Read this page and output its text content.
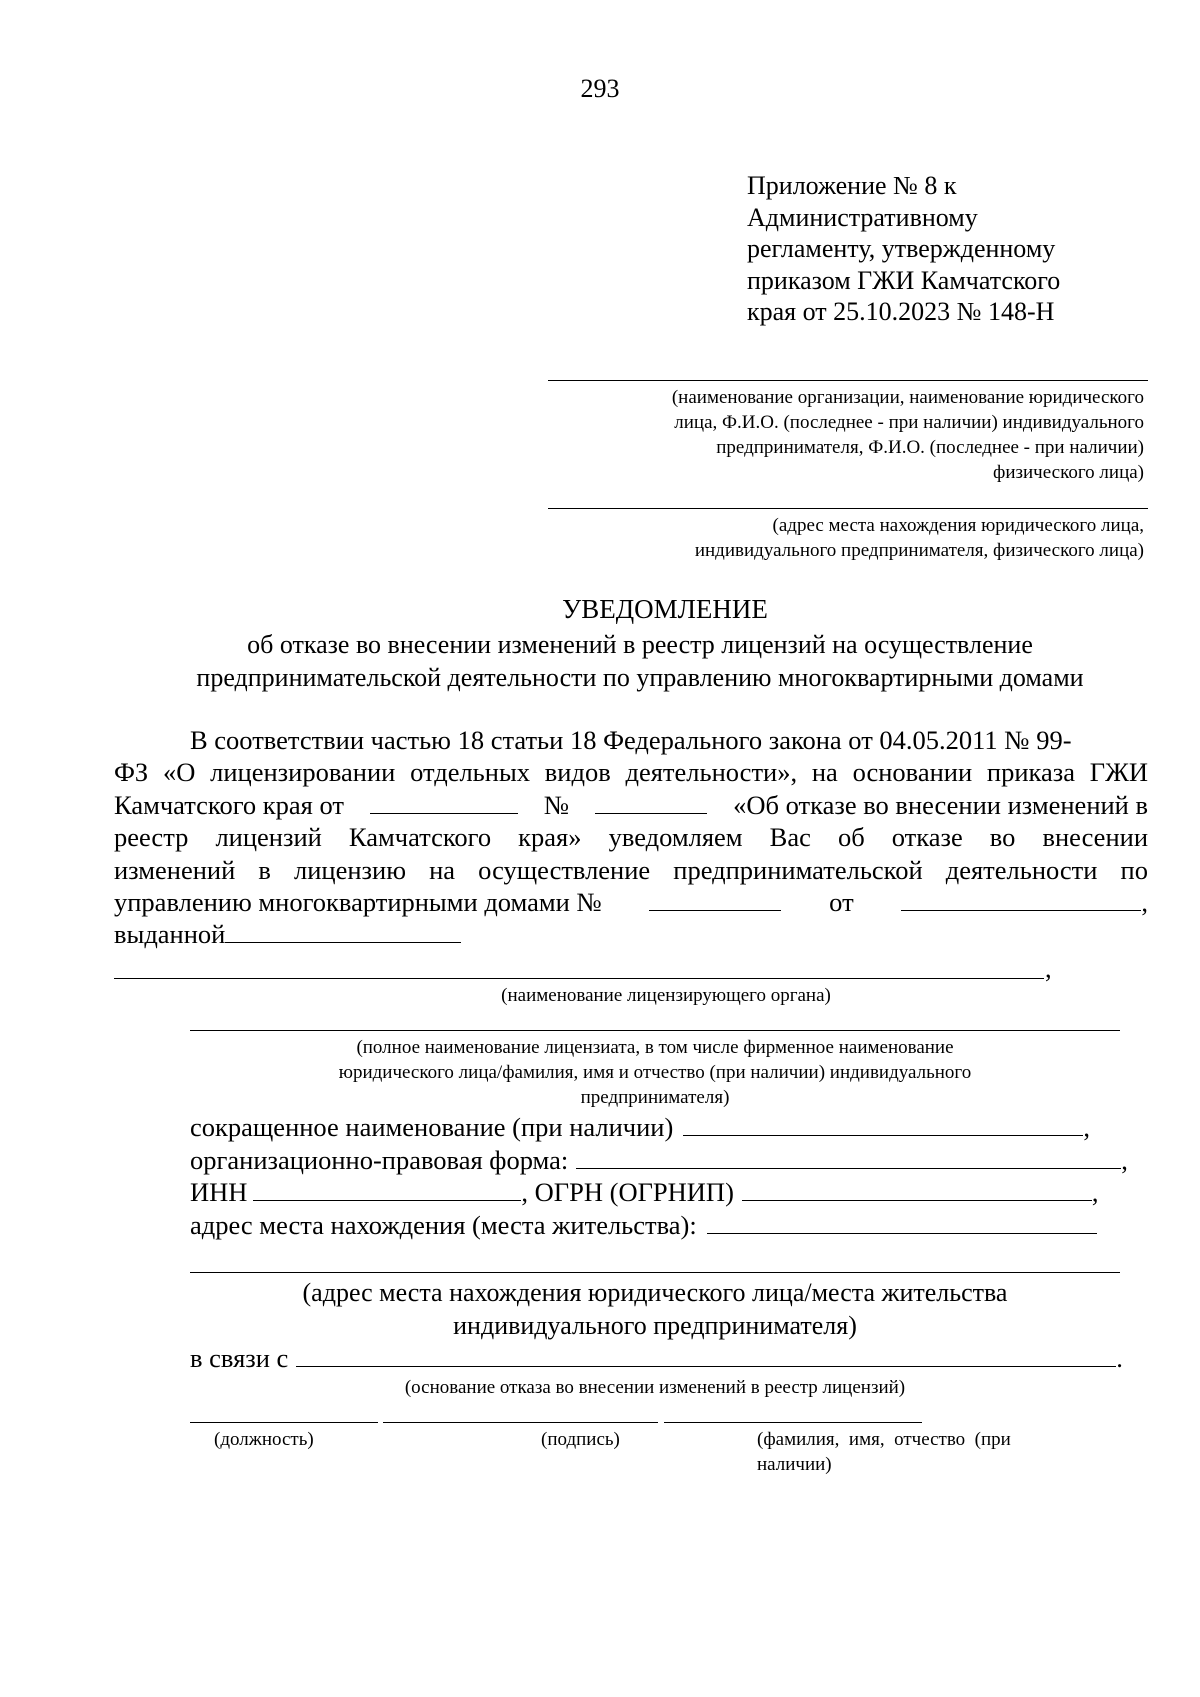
293
Приложение № 8 к
Административному
регламенту, утвержденному
приказом ГЖИ Камчатского
края от 25.10.2023 № 148-Н
(наименование организации, наименование юридического
лица, Ф.И.О. (последнее - при наличии) индивидуального
предпринимателя, Ф.И.О. (последнее - при наличии)
физического лица)
(адрес места нахождения юридического лица,
индивидуального предпринимателя, физического лица)
УВЕДОМЛЕНИЕ
об отказе во внесении изменений в реестр лицензий на осуществление
предпринимательской деятельности по управлению многоквартирными домами
В соответствии частью 18 статьи 18 Федерального закона от 04.05.2011 № 99-
ФЗ «О лицензировании отдельных видов деятельности», на основании приказа ГЖИ
Камчатского края от	№	«Об отказе во внесении изменений в
реестр лицензий Камчатского края» уведомляем Вас об отказе во внесении
изменений в лицензию на осуществление предпринимательской деятельности по
управлению многоквартирными домами №	от	,
выданной
,
(наименование лицензирующего органа)
(полное наименование лицензиата, в том числе фирменное наименование
юридического лица/фамилия, имя и отчество (при наличии) индивидуального
предпринимателя)
сокращенное наименование (при наличии)	,
организационно-правовая форма:	,
ИНН	, ОГРН (ОГРНИП)	,
адрес места нахождения (места жительства):
(адрес места нахождения юридического лица/места жительства
индивидуального предпринимателя)
в связи с	.
(основание отказа во внесении изменений в реестр лицензий)
(должность)	(подпись)	(фамилия,  имя,  отчество  (при
наличии)
